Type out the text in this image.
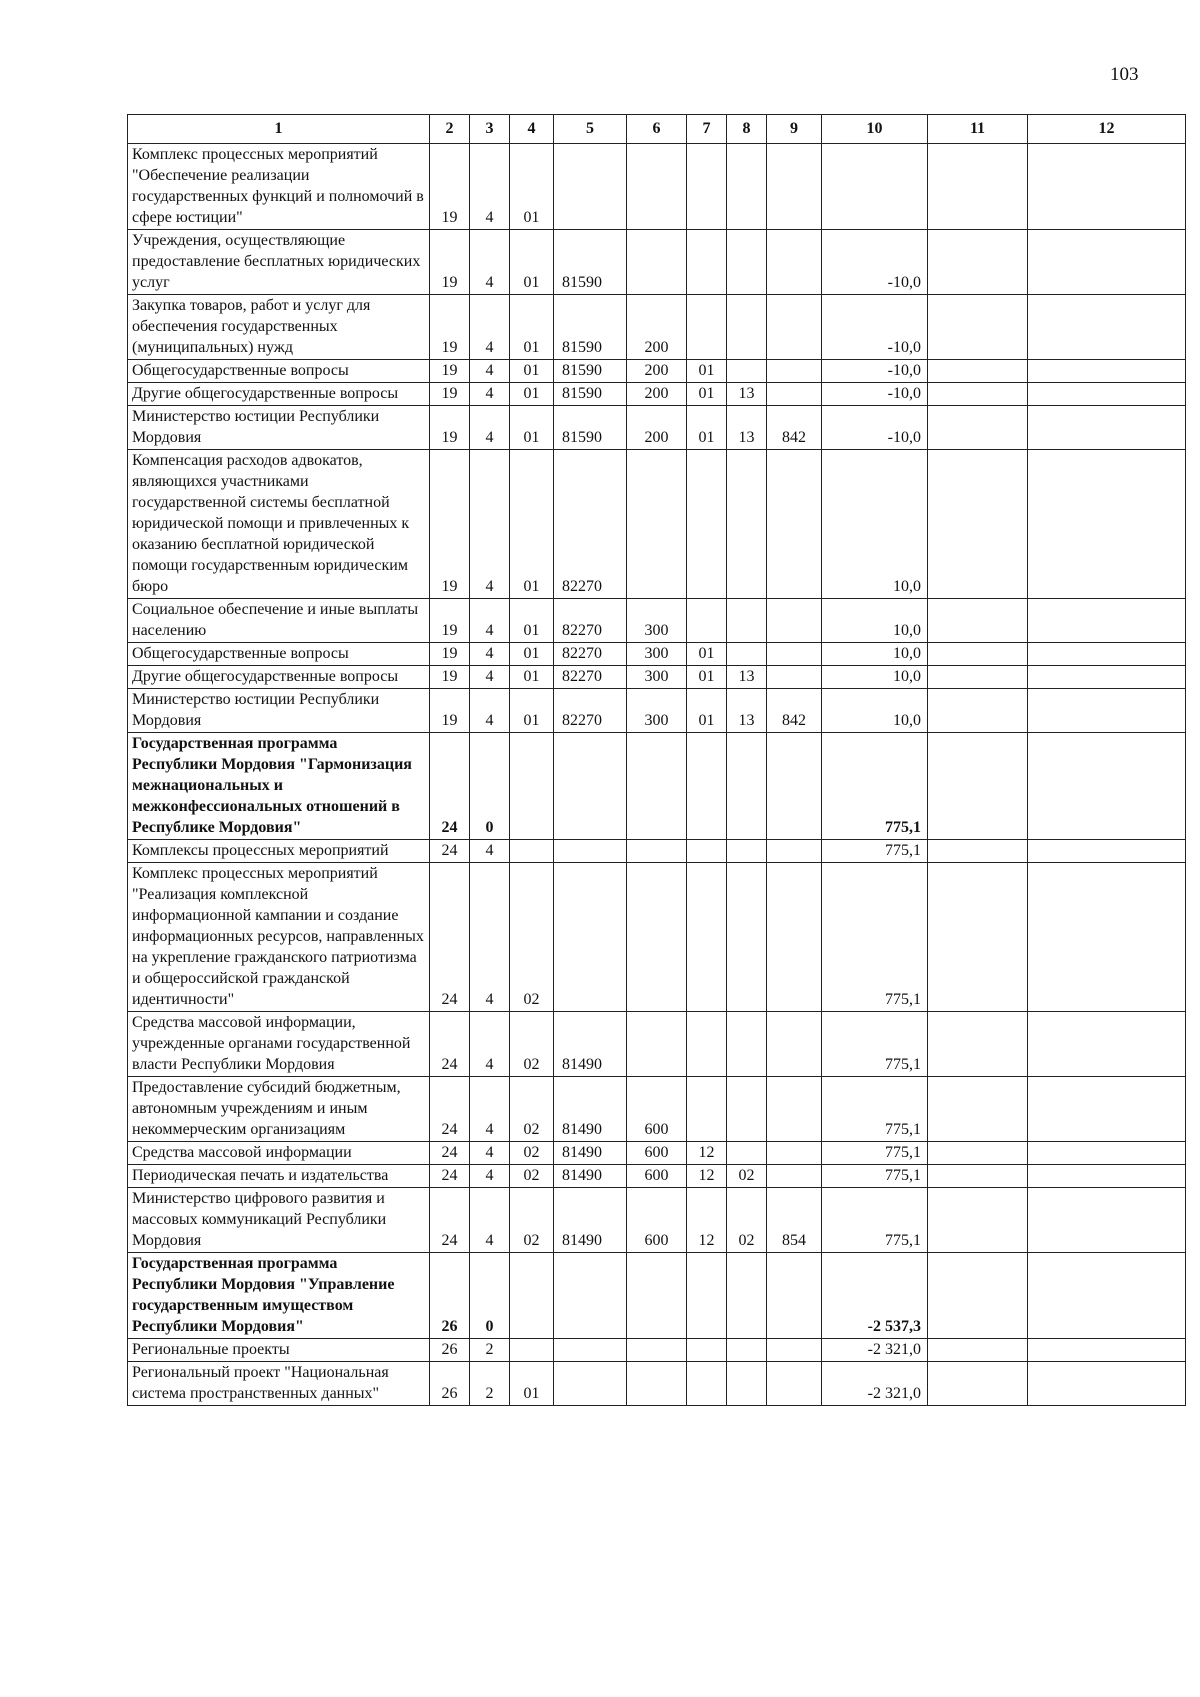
103
1	2	3	4	5	6	7	8	9	10	11	12
Комплекс процессных мероприятий "Обеспечение реализации государственных функций и полномочий в сфере юстиции"	19	4	01								
Учреждения, осуществляющие предоставление бесплатных юридических услуг	19	4	01	81590					-10,0		
Закупка товаров, работ и услуг для обеспечения государственных (муниципальных) нужд	19	4	01	81590	200				-10,0		
Общегосударственные вопросы	19	4	01	81590	200	01			-10,0		
Другие общегосударственные вопросы	19	4	01	81590	200	01	13		-10,0		
Министерство юстиции Республики Мордовия	19	4	01	81590	200	01	13	842	-10,0		
Компенсация расходов адвокатов, являющихся участниками государственной системы бесплатной юридической помощи и привлеченных к оказанию бесплатной юридической помощи государственным юридическим бюро	19	4	01	82270					10,0		
Социальное обеспечение и иные выплаты населению	19	4	01	82270	300				10,0		
Общегосударственные вопросы	19	4	01	82270	300	01			10,0		
Другие общегосударственные вопросы	19	4	01	82270	300	01	13		10,0		
Министерство юстиции Республики Мордовия	19	4	01	82270	300	01	13	842	10,0		
Государственная программа Республики Мордовия "Гармонизация межнациональных и межконфессиональных отношений в Республике Мордовия"	24	0							775,1		
Комплексы процессных мероприятий	24	4							775,1		
Комплекс процессных мероприятий "Реализация комплексной информационной кампании и создание информационных ресурсов, направленных на укрепление гражданского патриотизма и общероссийской гражданской идентичности"	24	4	02						775,1		
Средства массовой информации, учрежденные органами государственной власти Республики Мордовия	24	4	02	81490					775,1		
Предоставление субсидий бюджетным, автономным учреждениям и иным некоммерческим организациям	24	4	02	81490	600				775,1		
Средства массовой информации	24	4	02	81490	600	12			775,1		
Периодическая печать и издательства	24	4	02	81490	600	12	02		775,1		
Министерство цифрового развития и массовых коммуникаций Республики Мордовия	24	4	02	81490	600	12	02	854	775,1		
Государственная программа Республики Мордовия "Управление государственным имуществом Республики Мордовия"	26	0							-2 537,3		
Региональные проекты	26	2							-2 321,0		
Региональный проект "Национальная система пространственных данных"	26	2	01						-2 321,0		
